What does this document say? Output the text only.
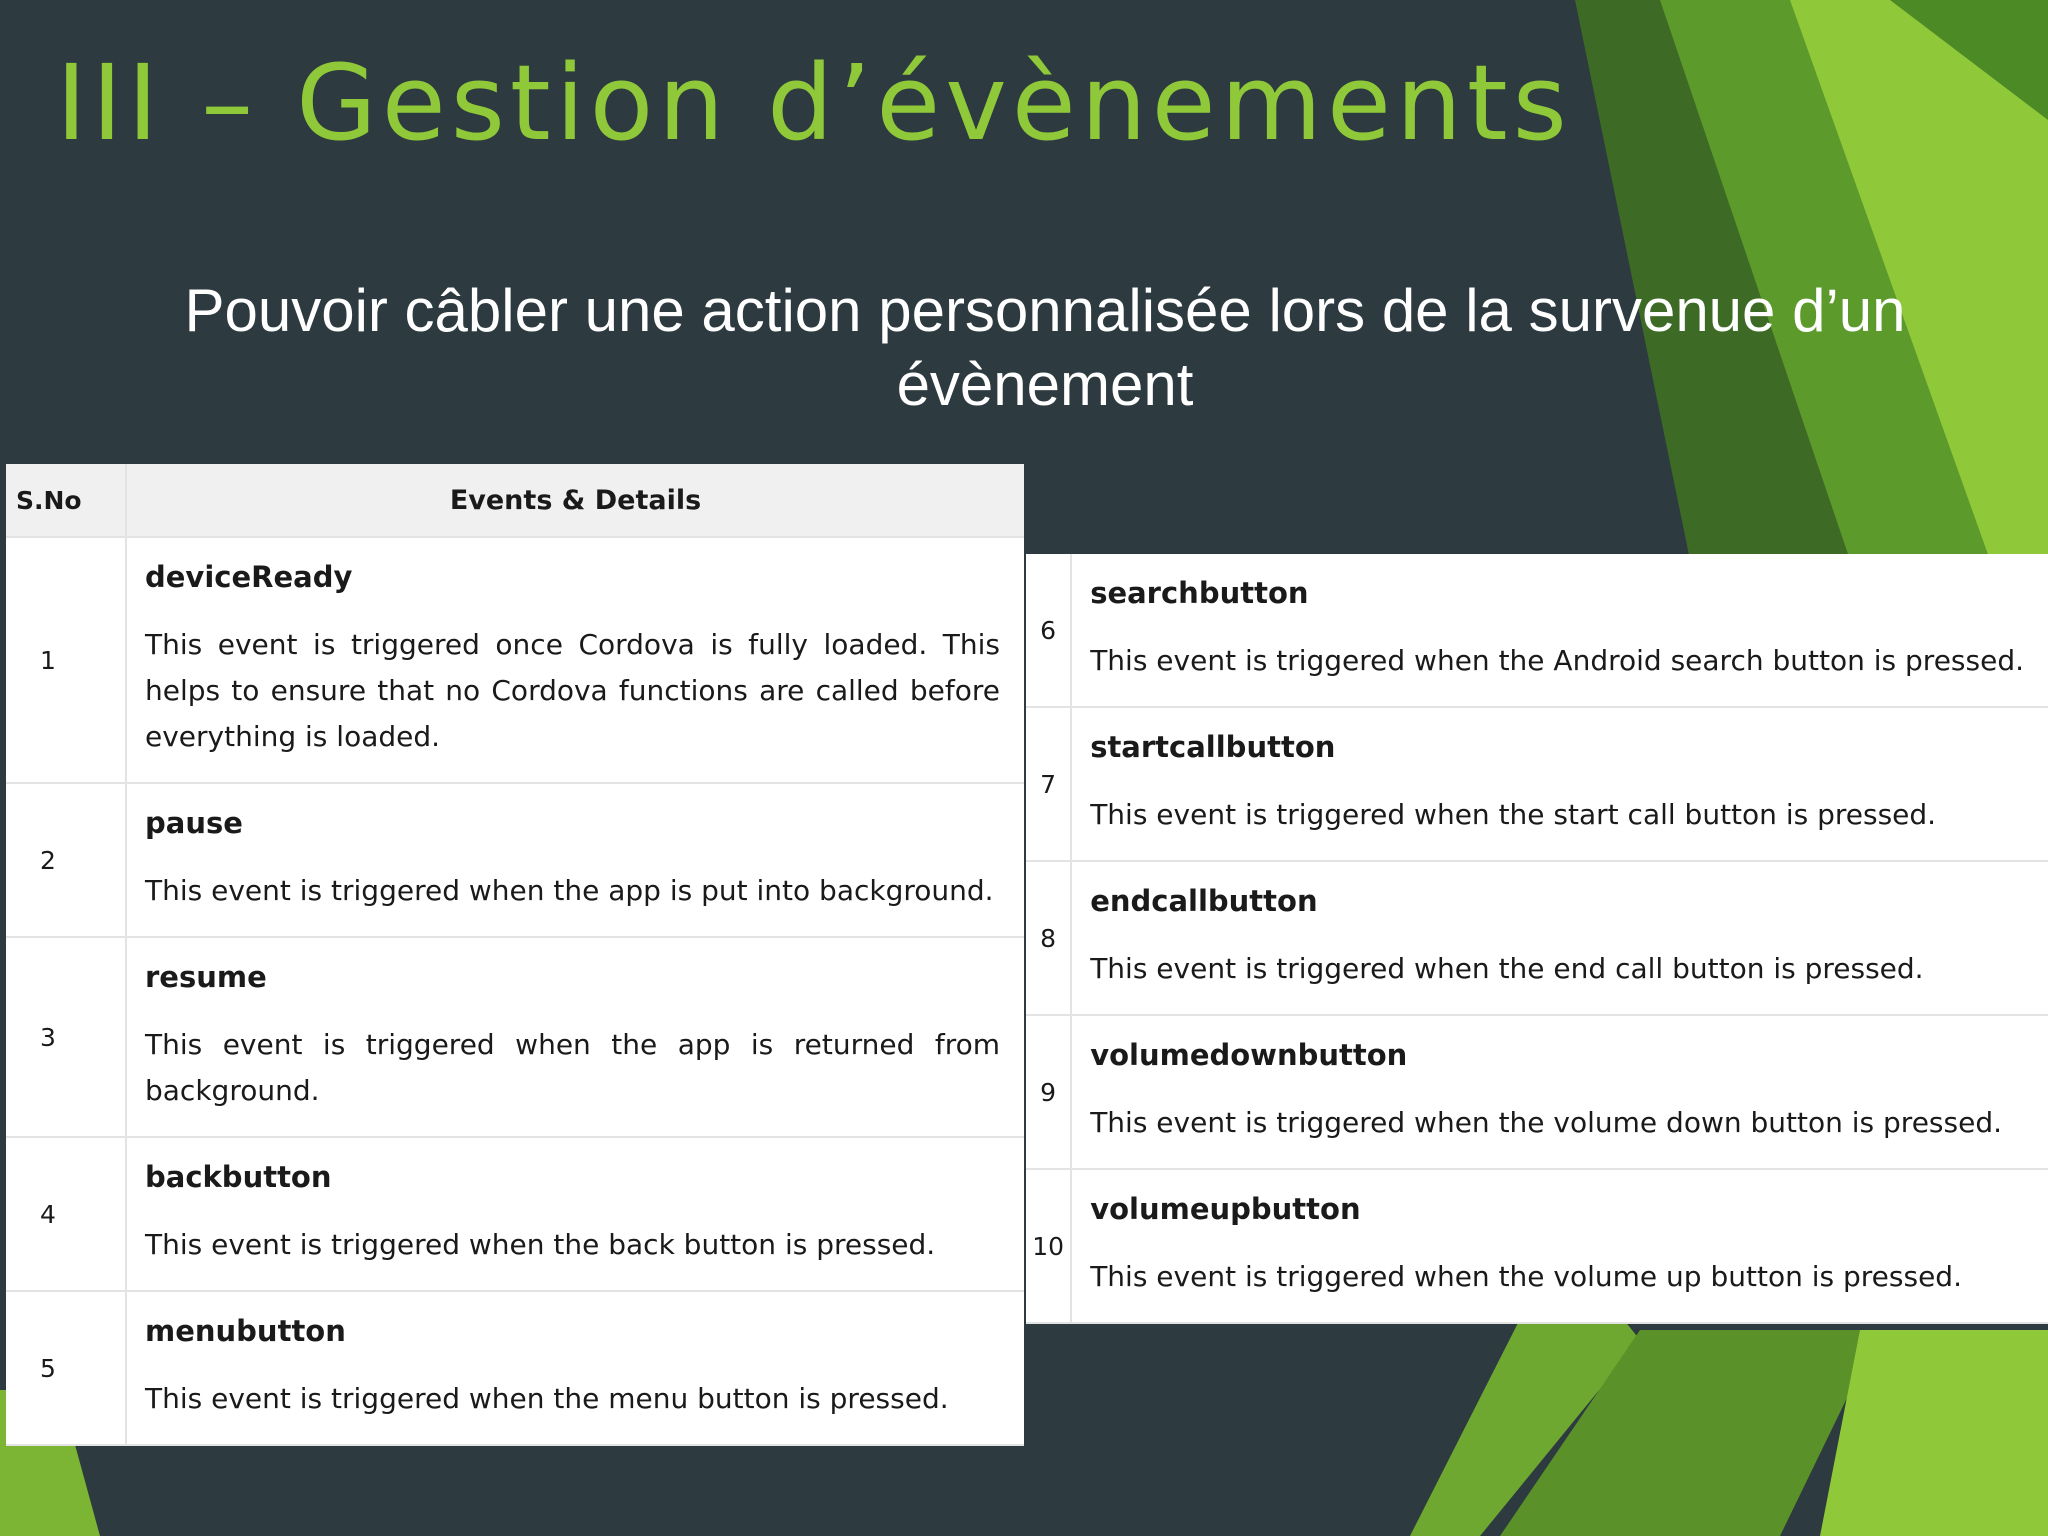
III – Gestion d’évènements
Pouvoir câbler une action personnalisée lors de la survenue d’un évènement
S.No	Events & Details
1	deviceReady
This event is triggered once Cordova is fully loaded. This helps to ensure that no Cordova functions are called before everything is loaded.

2	pause
This event is triggered when the app is put into background.

3	resume
This event is triggered when the app is returned from background.

4	backbutton
This event is triggered when the back button is pressed.

5	menubutton
This event is triggered when the menu button is pressed.
6	searchbutton
This event is triggered when the Android search button is pressed.

7	startcallbutton
This event is triggered when the start call button is pressed.

8	endcallbutton
This event is triggered when the end call button is pressed.

9	volumedownbutton
This event is triggered when the volume down button is pressed.

10	volumeupbutton
This event is triggered when the volume up button is pressed.
